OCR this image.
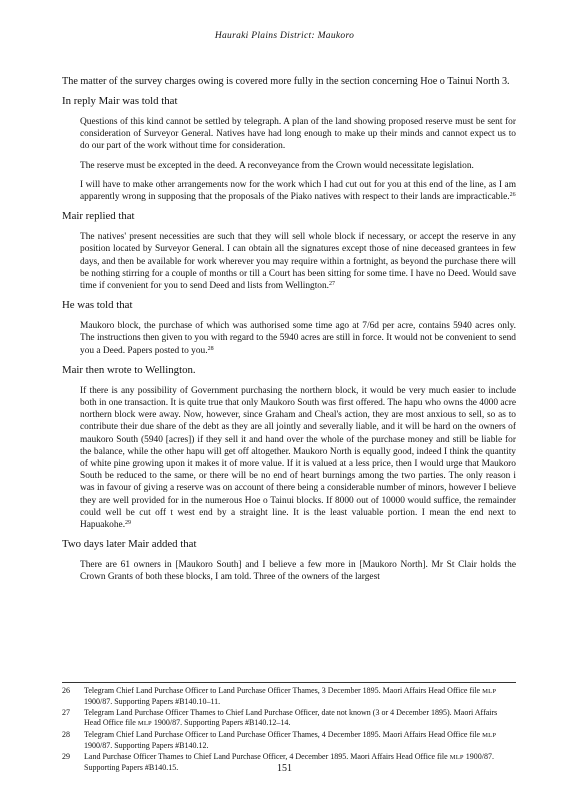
Hauraki Plains District: Maukoro

The matter of the survey charges owing is covered more fully in the section concerning Hoe o Tainui North 3.

In reply Mair was told that

Questions of this kind cannot be settled by telegraph. A plan of the land showing proposed reserve must be sent for consideration of Surveyor General. Natives have had long enough to make up their minds and cannot expect us to do our part of the work without time for consideration.

The reserve must be excepted in the deed. A reconveyance from the Crown would necessitate legislation.

I will have to make other arrangements now for the work which I had cut out for you at this end of the line, as I am apparently wrong in supposing that the proposals of the Piako natives with respect to their lands are impracticable.$^{26}$

Mair replied that

The natives' present necessities are such that they will sell whole block if necessary, or accept the reserve in any position located by Surveyor General. I can obtain all the signatures except those of nine deceased grantees in few days, and then be available for work wherever you may require within a fortnight, as beyond the purchase there will be nothing stirring for a couple of months or till a Court has been sitting for some time. I have no Deed. Would save time if convenient for you to send Deed and lists from Wellington.$^{27}$

He was told that

Maukoro block, the purchase of which was authorised some time ago at 7/6d per acre, contains 5940 acres only. The instructions then given to you with regard to the 5940 acres are still in force. It would not be convenient to send you a Deed. Papers posted to you.$^{28}$

Mair then wrote to Wellington.

If there is any possibility of Government purchasing the northern block, it would be very much easier to include both in one transaction. It is quite true that only Maukoro South was first offered. The hapu who owns the 4000 acre northern block were away. Now, however, since Graham and Cheal's action, they are most anxious to sell, so as to contribute their due share of the debt as they are all jointly and severally liable, and it will be hard on the owners of maukoro South (5940 [acres]) if they sell it and hand over the whole of the purchase money and still be liable for the balance, while the other hapu will get off altogether. Maukoro North is equally good, indeed I think the quantity of white pine growing upon it makes it of more value. If it is valued at a less price, then I would urge that Maukoro South be reduced to the same, or there will be no end of heart burnings among the two parties. The only reason i was in favour of giving a reserve was on account of there being a considerable number of minors, however I believe they are well provided for in the numerous Hoe o Tainui blocks. If 8000 out of 10000 would suffice, the remainder could well be cut off t west end by a straight line. It is the least valuable portion. I mean the end next to Hapuakohe.$^{29}$

Two days later Mair added that

There are 61 owners in [Maukoro South] and I believe a few more in [Maukoro North]. Mr St Clair holds the Crown Grants of both these blocks, I am told. Three of the owners of the largest

26	Telegram Chief Land Purchase Officer to Land Purchase Officer Thames, 3 December 1895. Maori Affairs Head Office file MLP 1900/87. Supporting Papers #B140.10–11.
27	Telegram Land Purchase Officer Thames to Chief Land Purchase Officer, date not known (3 or 4 December 1895). Maori Affairs Head Office file MLP 1900/87. Supporting Papers #B140.12–14.
28	Telegram Chief Land Purchase Officer to Land Purchase Officer Thames, 4 December 1895. Maori Affairs Head Office file MLP 1900/87. Supporting Papers #B140.12.
29	Land Purchase Officer Thames to Chief Land Purchase Officer, 4 December 1895. Maori Affairs Head Office file MLP 1900/87. Supporting Papers #B140.15.	151
